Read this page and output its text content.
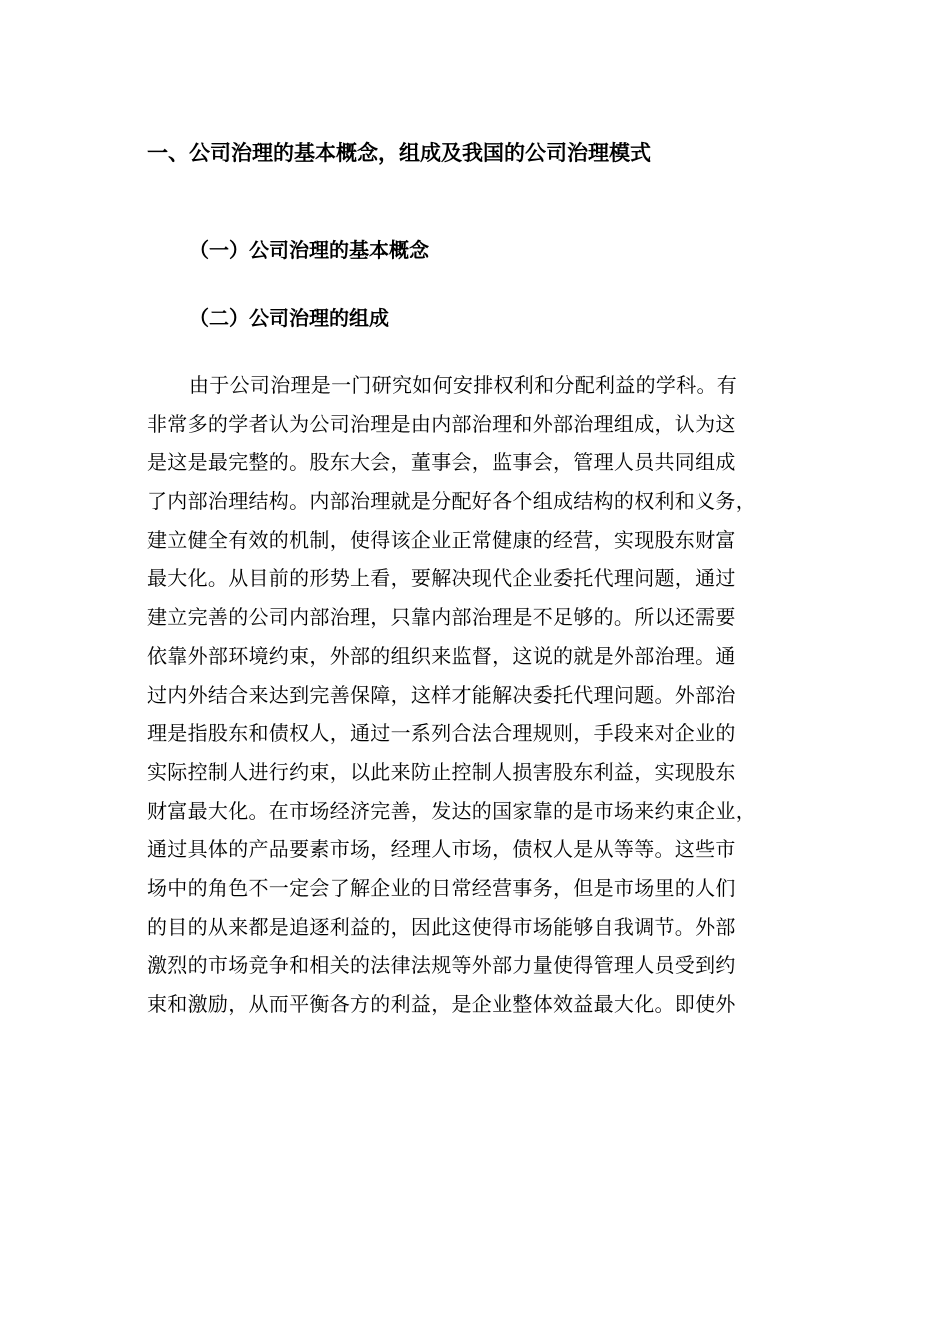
一、公司治理的基本概念，组成及我国的公司治理模式
（一）公司治理的基本概念
（二）公司治理的组成

由于公司治理是一门研究如何安排权利和分配利益的学科。有
非常多的学者认为公司治理是由内部治理和外部治理组成，认为这
是这是最完整的。股东大会，董事会，监事会，管理人员共同组成
了内部治理结构。内部治理就是分配好各个组成结构的权利和义务，
建立健全有效的机制，使得该企业正常健康的经营，实现股东财富
最大化。从目前的形势上看，要解决现代企业委托代理问题，通过
建立完善的公司内部治理，只靠内部治理是不足够的。所以还需要
依靠外部环境约束，外部的组织来监督，这说的就是外部治理。通
过内外结合来达到完善保障，这样才能解决委托代理问题。外部治
理是指股东和债权人，通过一系列合法合理规则，手段来对企业的
实际控制人进行约束，以此来防止控制人损害股东利益，实现股东
财富最大化。在市场经济完善，发达的国家靠的是市场来约束企业，
通过具体的产品要素市场，经理人市场，债权人是从等等。这些市
场中的角色不一定会了解企业的日常经营事务，但是市场里的人们
的目的从来都是追逐利益的，因此这使得市场能够自我调节。外部
激烈的市场竞争和相关的法律法规等外部力量使得管理人员受到约
束和激励，从而平衡各方的利益，是企业整体效益最大化。即使外
